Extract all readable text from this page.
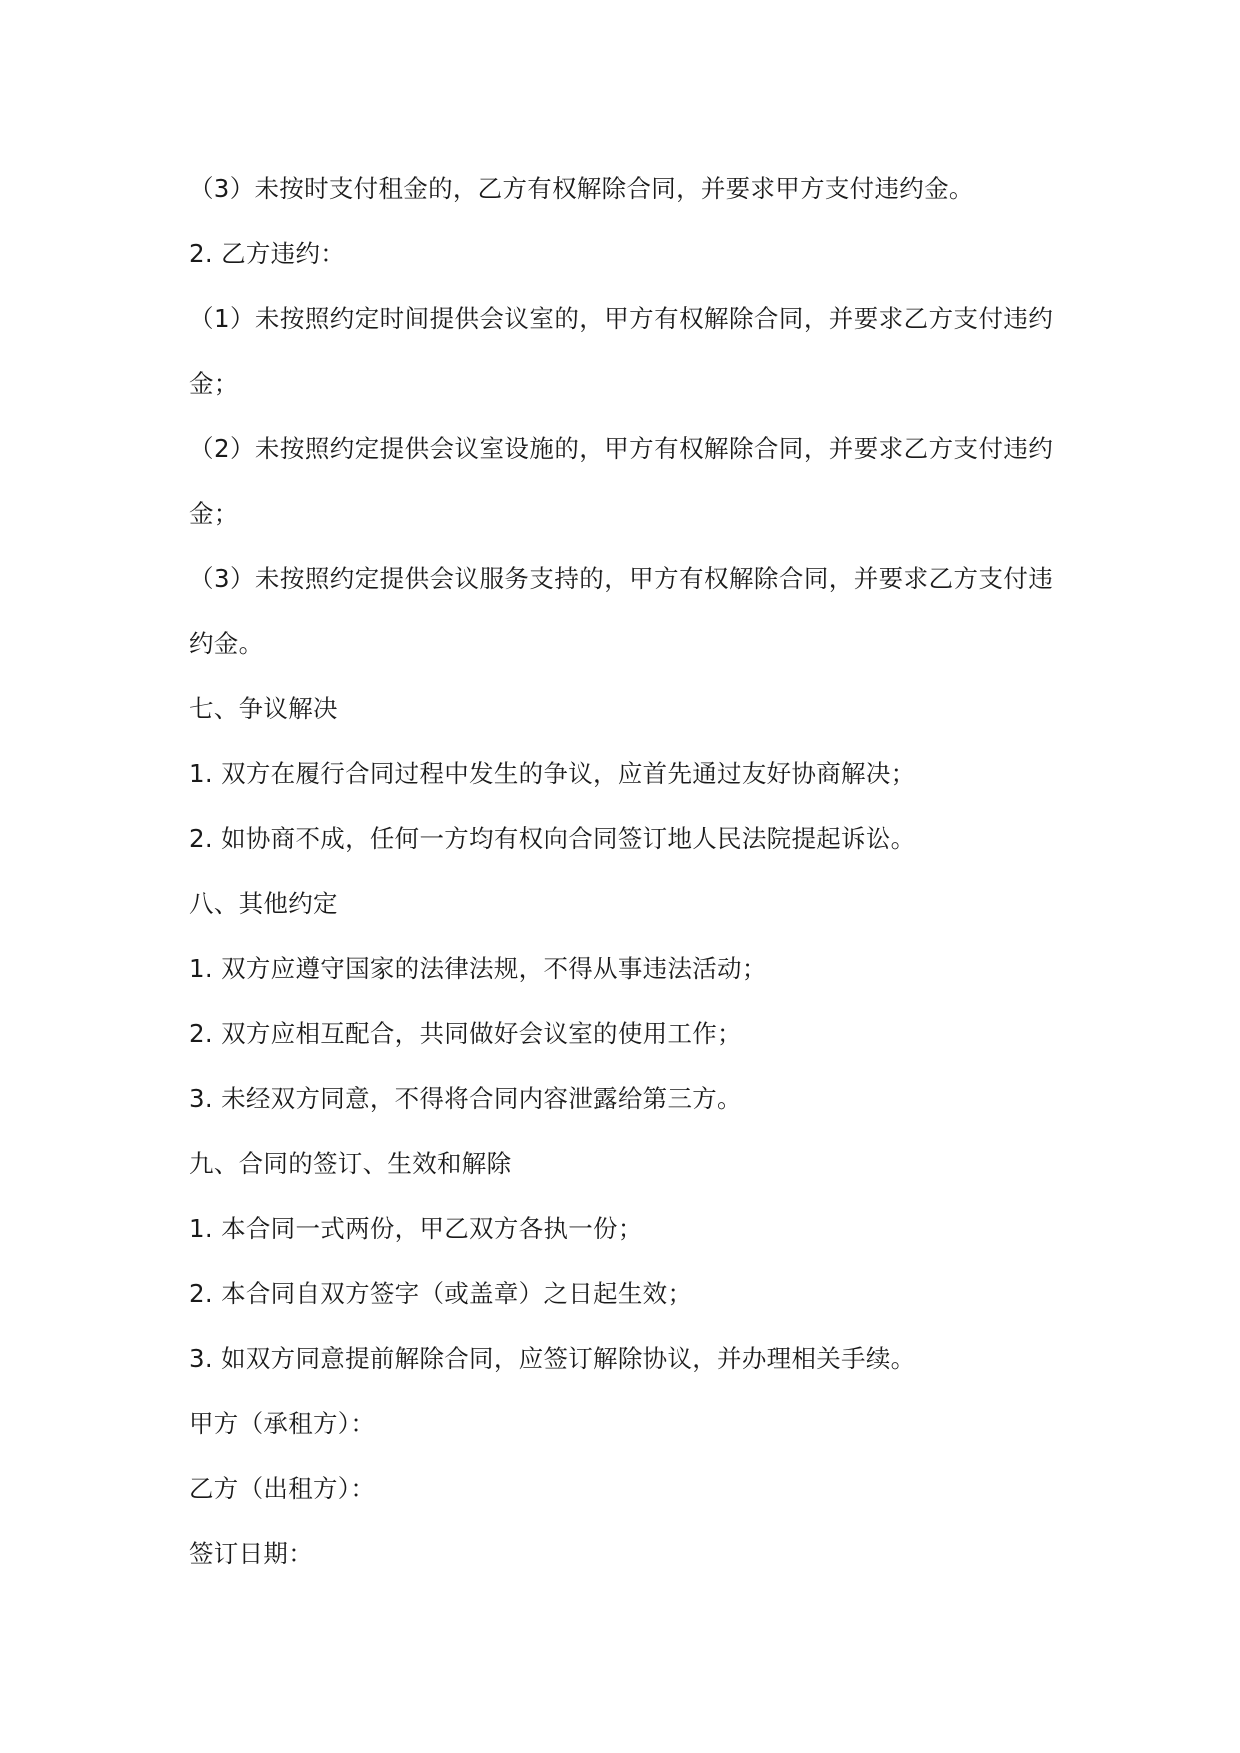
（3）未按时支付租金的，乙方有权解除合同，并要求甲方支付违约金。
2. 乙方违约：
（1）未按照约定时间提供会议室的，甲方有权解除合同，并要求乙方支付违约
金；
（2）未按照约定提供会议室设施的，甲方有权解除合同，并要求乙方支付违约
金；
（3）未按照约定提供会议服务支持的，甲方有权解除合同，并要求乙方支付违
约金。
七、争议解决
1. 双方在履行合同过程中发生的争议，应首先通过友好协商解决；
2. 如协商不成，任何一方均有权向合同签订地人民法院提起诉讼。
八、其他约定
1. 双方应遵守国家的法律法规，不得从事违法活动；
2. 双方应相互配合，共同做好会议室的使用工作；
3. 未经双方同意，不得将合同内容泄露给第三方。
九、合同的签订、生效和解除
1. 本合同一式两份，甲乙双方各执一份；
2. 本合同自双方签字（或盖章）之日起生效；
3. 如双方同意提前解除合同，应签订解除协议，并办理相关手续。
甲方（承租方）：
乙方（出租方）：
签订日期：
